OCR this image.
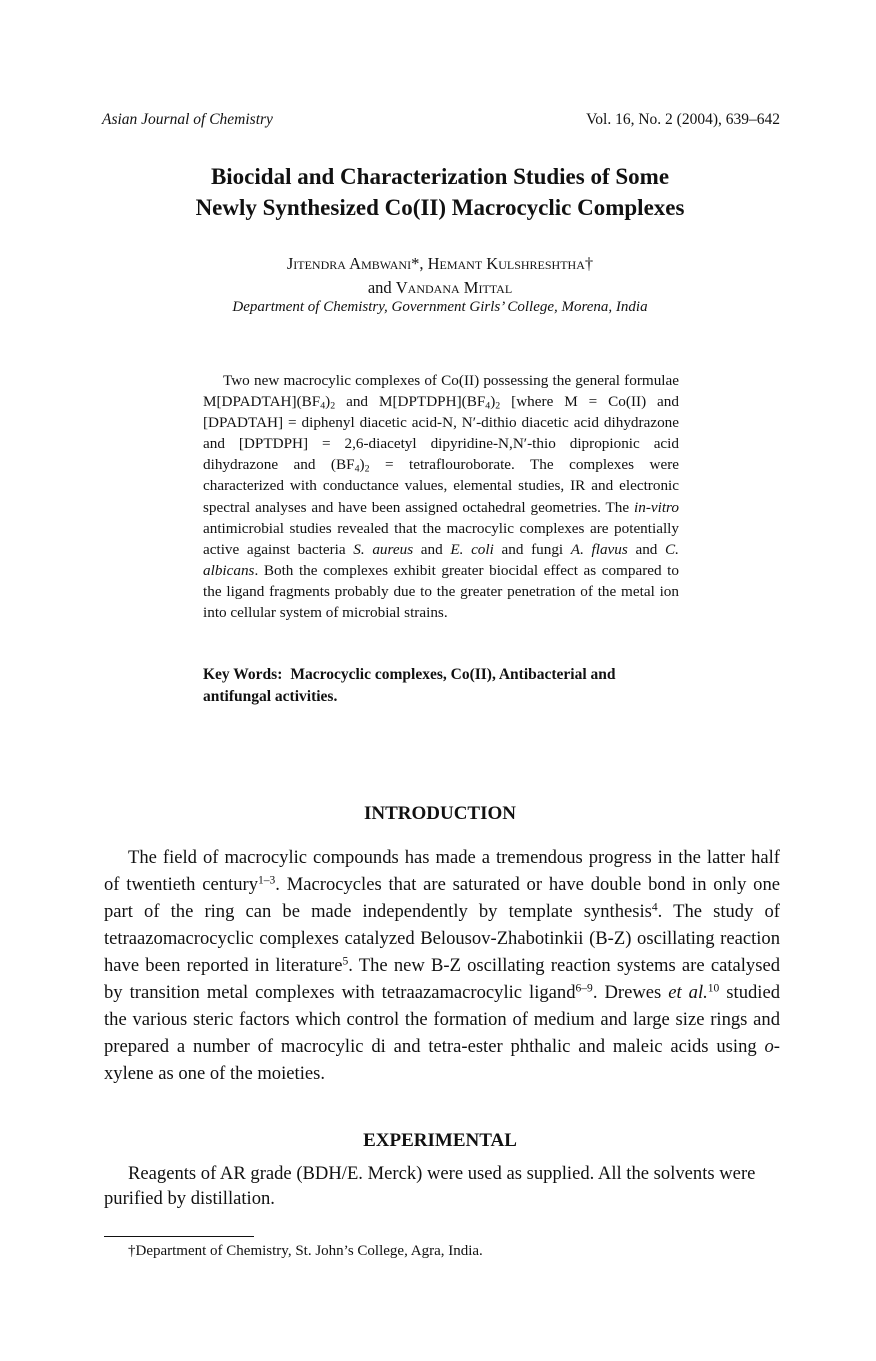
Asian Journal of Chemistry	Vol. 16, No. 2 (2004), 639–642
Biocidal and Characterization Studies of Some
Newly Synthesized Co(II) Macrocyclic Complexes
Jitendra Ambwani*, Hemant Kulshreshtha†
and Vandana Mittal
Department of Chemistry, Government Girls’ College, Morena, India
Two new macrocylic complexes of Co(II) possessing the general formulae $M[DPADTAH](BF_4)_2$ and $M[DPTDPH](BF_4)_2$ [where M = Co(II) and [DPADTAH] = diphenyl diacetic acid-N, N′-dithio diacetic acid dihydrazone and [DPTDPH] = 2,6-diacetyl dipyridine-N,N′-thio dipropionic acid dihydrazone and $(BF_4)_2$ = tetraflouroborate. The complexes were characterized with conductance values, elemental studies, IR and electronic spectral analyses and have been assigned octahedral geometries. The in-vitro antimicrobial studies revealed that the macrocylic complexes are potentially active against bacteria S. aureus and E. coli and fungi A. flavus and C. albicans. Both the complexes exhibit greater biocidal effect as compared to the ligand fragments probably due to the greater penetration of the metal ion into cellular system of microbial strains.
Key Words: Macrocyclic complexes, Co(II), Antibacterial and antifungal activities.
INTRODUCTION

The field of macrocylic compounds has made a tremendous progress in the latter half of twentieth century$^{1-3}$. Macrocycles that are saturated or have double bond in only one part of the ring can be made independently by template synthesis$^4$. The study of tetraazomacrocyclic complexes catalyzed Belousov-Zhabotinkii (B-Z) oscillating reaction have been reported in literature$^5$. The new B-Z oscillating reaction systems are catalysed by transition metal complexes with tetraazamacrocylic ligand$^{6-9}$. Drewes et al.$^{10}$ studied the various steric factors which control the formation of medium and large size rings and prepared a number of macrocylic di and tetra-ester phthalic and maleic acids using o-xylene as one of the moieties.

EXPERIMENTAL

Reagents of AR grade (BDH/E. Merck) were used as supplied. All the solvents were purified by distillation.

†Department of Chemistry, St. John’s College, Agra, India.
